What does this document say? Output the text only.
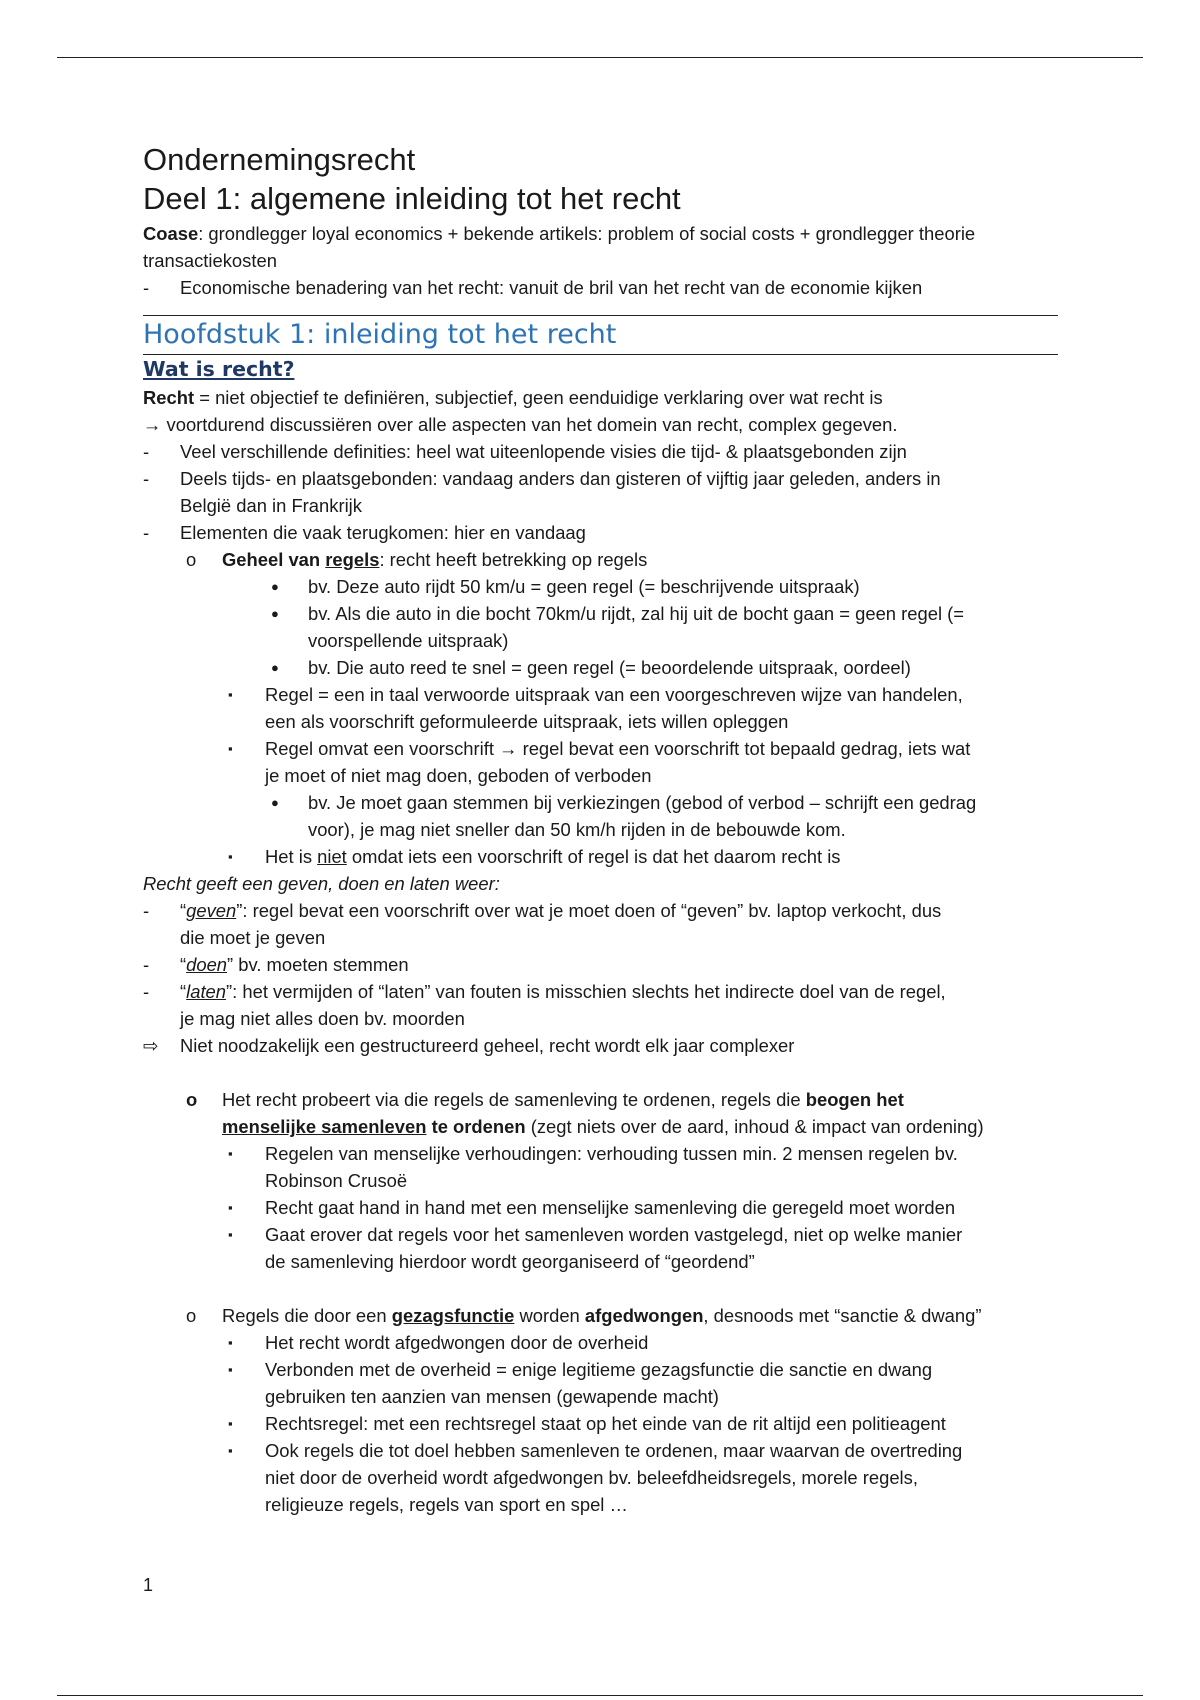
Ondernemingsrecht
Deel 1: algemene inleiding tot het recht
Coase: grondlegger loyal economics + bekende artikels: problem of social costs + grondlegger theorie
transactiekosten
- Economische benadering van het recht: vanuit de bril van het recht van de economie kijken
Hoofdstuk 1: inleiding tot het recht
Wat is recht?
Recht = niet objectief te definiëren, subjectief, geen eenduidige verklaring over wat recht is
→ voortdurend discussiëren over alle aspecten van het domein van recht, complex gegeven.
- Veel verschillende definities: heel wat uiteenlopende visies die tijd- & plaatsgebonden zijn
- Deels tijds- en plaatsgebonden: vandaag anders dan gisteren of vijftig jaar geleden, anders in
België dan in Frankrijk
- Elementen die vaak terugkomen: hier en vandaag
o Geheel van regels: recht heeft betrekking op regels
● bv. Deze auto rijdt 50 km/u = geen regel (= beschrijvende uitspraak)
● bv. Als die auto in die bocht 70km/u rijdt, zal hij uit de bocht gaan = geen regel (=
voorspellende uitspraak)
● bv. Die auto reed te snel = geen regel (= beoordelende uitspraak, oordeel)
▪ Regel = een in taal verwoorde uitspraak van een voorgeschreven wijze van handelen,
een als voorschrift geformuleerde uitspraak, iets willen opleggen
▪ Regel omvat een voorschrift → regel bevat een voorschrift tot bepaald gedrag, iets wat
je moet of niet mag doen, geboden of verboden
● bv. Je moet gaan stemmen bij verkiezingen (gebod of verbod – schrijft een gedrag
voor), je mag niet sneller dan 50 km/h rijden in de bebouwde kom.
▪ Het is niet omdat iets een voorschrift of regel is dat het daarom recht is
Recht geeft een geven, doen en laten weer:
- “geven”: regel bevat een voorschrift over wat je moet doen of “geven” bv. laptop verkocht, dus
die moet je geven
- “doen” bv. moeten stemmen
- “laten”: het vermijden of “laten” van fouten is misschien slechts het indirecte doel van de regel,
je mag niet alles doen bv. moorden
⇨ Niet noodzakelijk een gestructureerd geheel, recht wordt elk jaar complexer
o Het recht probeert via die regels de samenleving te ordenen, regels die beogen het
menselijke samenleven te ordenen (zegt niets over de aard, inhoud & impact van ordening)
▪ Regelen van menselijke verhoudingen: verhouding tussen min. 2 mensen regelen bv.
Robinson Crusoë
▪ Recht gaat hand in hand met een menselijke samenleving die geregeld moet worden
▪ Gaat erover dat regels voor het samenleven worden vastgelegd, niet op welke manier
de samenleving hierdoor wordt georganiseerd of “geordend”
o Regels die door een gezagsfunctie worden afgedwongen, desnoods met “sanctie & dwang”
▪ Het recht wordt afgedwongen door de overheid
▪ Verbonden met de overheid = enige legitieme gezagsfunctie die sanctie en dwang
gebruiken ten aanzien van mensen (gewapende macht)
▪ Rechtsregel: met een rechtsregel staat op het einde van de rit altijd een politieagent
▪ Ook regels die tot doel hebben samenleven te ordenen, maar waarvan de overtreding
niet door de overheid wordt afgedwongen bv. beleefdheidsregels, morele regels,
religieuze regels, regels van sport en spel …
1
